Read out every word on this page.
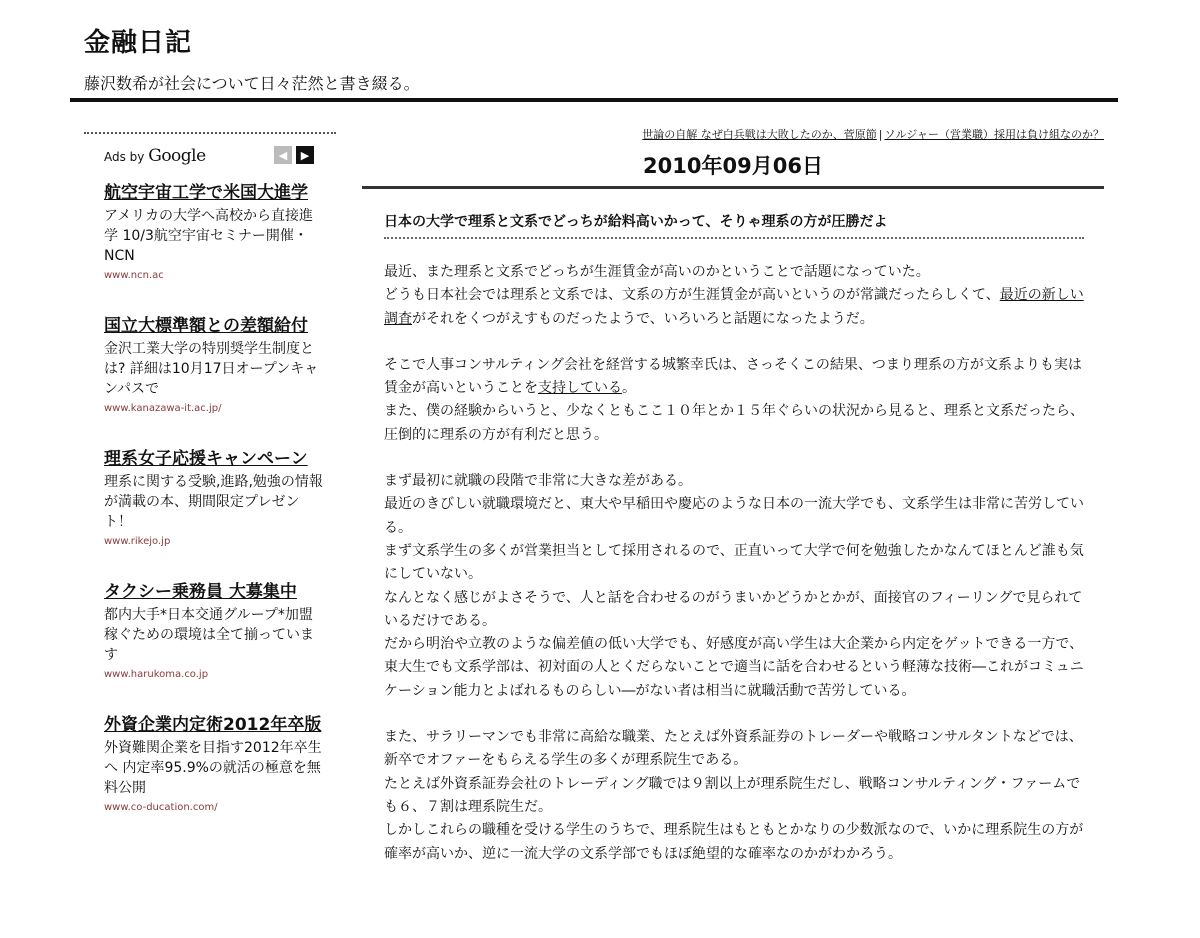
金融日記
藤沢数希が社会について日々茫然と書き綴る。
Ads by Google	◀	▶
航空宇宙工学で米国大進学
アメリカの大学へ高校から直接進学 10/3航空宇宙セミナー開催・NCN
www.ncn.ac
国立大標準額との差額給付
金沢工業大学の特別奨学生制度とは? 詳細は10月17日オープンキャンパスで
www.kanazawa-it.ac.jp/
理系女子応援キャンペーン
理系に関する受験,進路,勉強の情報が満載の本、期間限定プレゼント！
www.rikejo.jp
タクシー乗務員 大募集中
都内大手*日本交通グループ*加盟 稼ぐための環境は全て揃っています
www.harukoma.co.jp
外資企業内定術2012年卒版
外資難関企業を目指す2012年卒生へ 内定率95.9%の就活の極意を無料公開
www.co-ducation.com/
世論の自解 なぜ白兵戦は大敗したのか、菅原節 | ソルジャー（営業職）採用は負け組なのか？
2010年09月06日
日本の大学で理系と文系でどっちが給料高いかって、そりゃ理系の方が圧勝だよ

最近、また理系と文系でどっちが生涯賃金が高いのかということで話題になっていた。
どうも日本社会では理系と文系では、文系の方が生涯賃金が高いというのが常識だったらしくて、最近の新しい調査がそれをくつがえすものだったようで、いろいろと話題になったようだ。

そこで人事コンサルティング会社を経営する城繁幸氏は、さっそくこの結果、つまり理系の方が文系よりも実は賃金が高いということを支持している。
また、僕の経験からいうと、少なくともここ１０年とか１５年ぐらいの状況から見ると、理系と文系だったら、圧倒的に理系の方が有利だと思う。

まず最初に就職の段階で非常に大きな差がある。
最近のきびしい就職環境だと、東大や早稲田や慶応のような日本の一流大学でも、文系学生は非常に苦労している。
まず文系学生の多くが営業担当として採用されるので、正直いって大学で何を勉強したかなんてほとんど誰も気にしていない。
なんとなく感じがよさそうで、人と話を合わせるのがうまいかどうかとかが、面接官のフィーリングで見られているだけである。
だから明治や立教のような偏差値の低い大学でも、好感度が高い学生は大企業から内定をゲットできる一方で、東大生でも文系学部は、初対面の人とくだらないことで適当に話を合わせるという軽薄な技術―これがコミュニケーション能力とよばれるものらしい―がない者は相当に就職活動で苦労している。

また、サラリーマンでも非常に高給な職業、たとえば外資系証券のトレーダーや戦略コンサルタントなどでは、新卒でオファーをもらえる学生の多くが理系院生である。
たとえば外資系証券会社のトレーディング職では９割以上が理系院生だし、戦略コンサルティング・ファームでも６、７割は理系院生だ。
しかしこれらの職種を受ける学生のうちで、理系院生はもともとかなりの少数派なので、いかに理系院生の方が確率が高いか、逆に一流大学の文系学部でもほぼ絶望的な確率なのかがわかろう。
